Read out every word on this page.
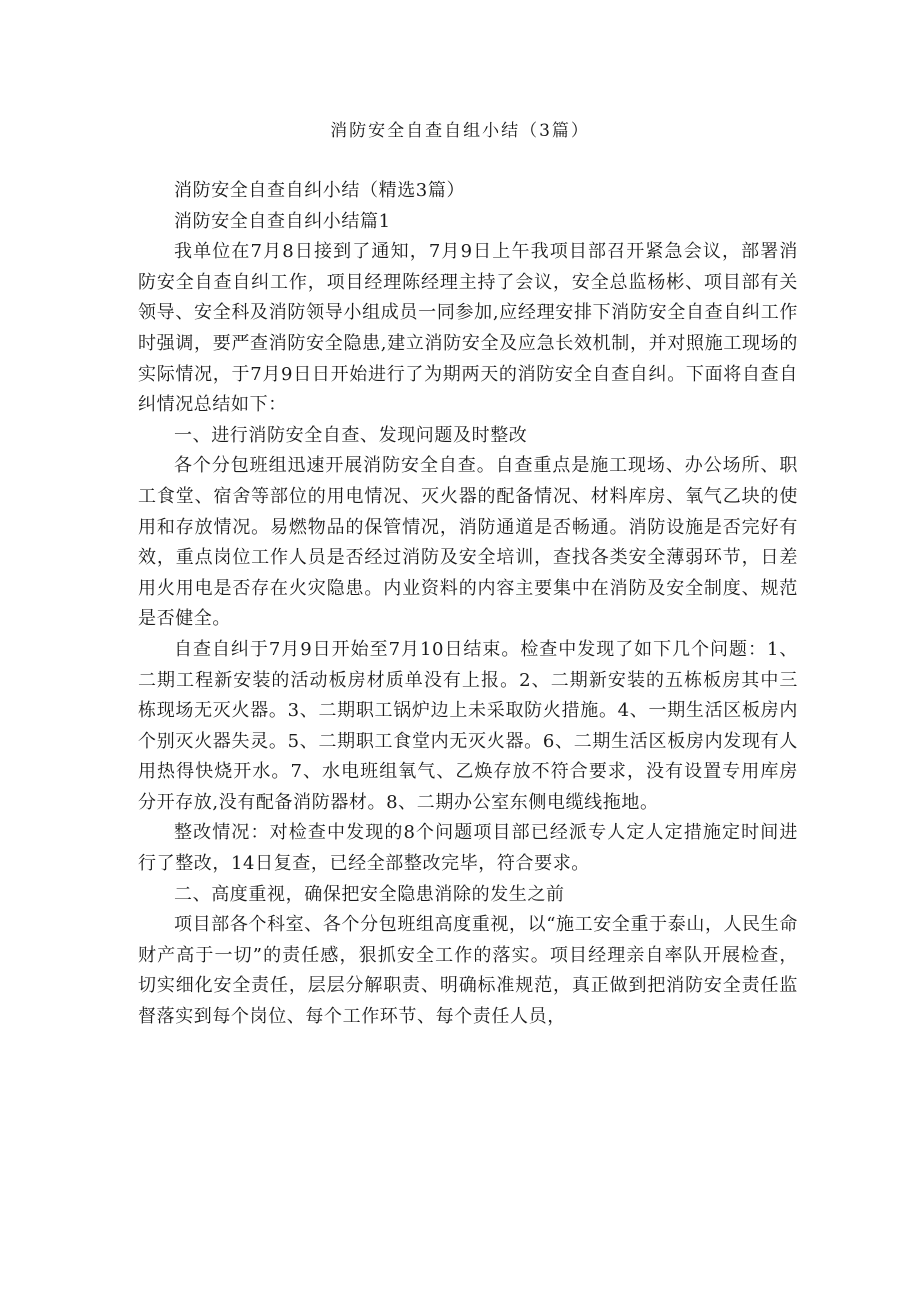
消防安全自查自组小结（3篇）

消防安全自查自纠小结（精选3篇）

消防安全自查自纠小结篇1

我单位在7月8日接到了通知，7月9日上午我项目部召开紧急会议，部署消防安全自查自纠工作，项目经理陈经理主持了会议，安全总监杨彬、项目部有关领导、安全科及消防领导小组成员一同参加,应经理安排下消防安全自查自纠工作时强调，要严查消防安全隐患,建立消防安全及应急长效机制，并对照施工现场的实际情况，于7月9日日开始进行了为期两天的消防安全自查自纠。下面将自查自纠情况总结如下：

一、进行消防安全自查、发现问题及时整改

各个分包班组迅速开展消防安全自查。自查重点是施工现场、办公场所、职工食堂、宿舍等部位的用电情况、灭火器的配备情况、材料库房、氧气乙块的使用和存放情况。易燃物品的保管情况，消防通道是否畅通。消防设施是否完好有效，重点岗位工作人员是否经过消防及安全培训，查找各类安全薄弱环节，日差用火用电是否存在火灾隐患。内业资料的内容主要集中在消防及安全制度、规范是否健全。

自查自纠于7月9日开始至7月10日结束。检查中发现了如下几个问题：1、二期工程新安装的活动板房材质单没有上报。2、二期新安装的五栋板房其中三栋现场无灭火器。3、二期职工锅炉边上未采取防火措施。4、一期生活区板房内个别灭火器失灵。5、二期职工食堂内无灭火器。6、二期生活区板房内发现有人用热得快烧开水。7、水电班组氧气、乙焕存放不符合要求，没有设置专用库房分开存放,没有配备消防器材。8、二期办公室东侧电缆线拖地。

整改情况：对检查中发现的8个问题项目部已经派专人定人定措施定时间进行了整改，14日复查，已经全部整改完毕，符合要求。

二、高度重视，确保把安全隐患消除的发生之前

项目部各个科室、各个分包班组高度重视，以“施工安全重于泰山，人民生命财产高于一切”的责任感，狠抓安全工作的落实。项目经理亲自率队开展检查，切实细化安全责任，层层分解职责、明确标准规范，真正做到把消防安全责任监督落实到每个岗位、每个工作环节、每个责任人员，
